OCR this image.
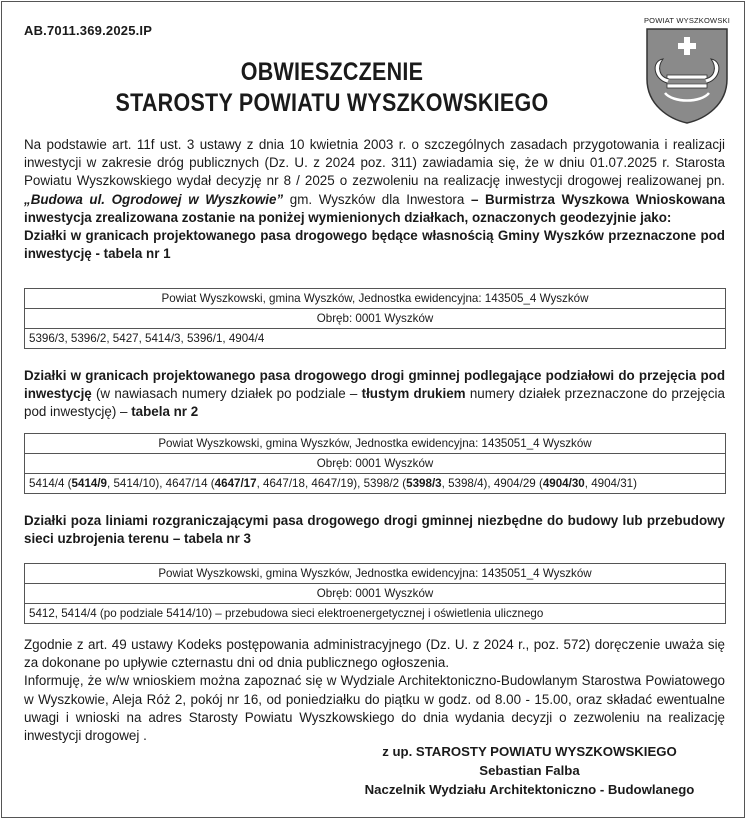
AB.7011.369.2025.IP
OBWIESZCZENIE
STAROSTY POWIATU WYSZKOWSKIEGO
POWIAT WYSZKOWSKI
Na podstawie art. 11f ust. 3 ustawy z dnia 10 kwietnia 2003 r. o szczególnych zasadach przygotowania i realizacji inwestycji w zakresie dróg publicznych (Dz. U. z 2024 poz. 311) zawiadamia się, że w dniu 01.07.2025 r. Starosta Powiatu Wyszkowskiego wydał decyzję nr 8 / 2025 o zezwoleniu na realizację inwestycji drogowej realizowanej pn. „Budowa ul. Ogrodowej w Wyszkowie” gm. Wyszków dla Inwestora – Burmistrza Wyszkowa Wnioskowana inwestycja zrealizowana zostanie na poniżej wymienionych działkach, oznaczonych geodezyjnie jako:
Działki w granicach projektowanego pasa drogowego będące własnością Gminy Wyszków przeznaczone pod inwestycję - tabela nr 1
Powiat Wyszkowski, gmina Wyszków, Jednostka ewidencyjna: 143505_4 Wyszków
Obręb: 0001 Wyszków
5396/3, 5396/2, 5427, 5414/3, 5396/1, 4904/4
Działki w granicach projektowanego pasa drogowego drogi gminnej podlegające podziałowi do przejęcia pod inwestycję (w nawiasach numery działek po podziale – tłustym drukiem numery działek przeznaczone do przejęcia pod inwestycję) – tabela nr 2
Powiat Wyszkowski, gmina Wyszków, Jednostka ewidencyjna: 1435051_4 Wyszków
Obręb: 0001 Wyszków
5414/4 (5414/9, 5414/10), 4647/14 (4647/17, 4647/18, 4647/19), 5398/2 (5398/3, 5398/4), 4904/29 (4904/30, 4904/31)
Działki poza liniami rozgraniczającymi pasa drogowego drogi gminnej niezbędne do budowy lub przebudowy sieci uzbrojenia terenu – tabela nr 3
Powiat Wyszkowski, gmina Wyszków, Jednostka ewidencyjna: 1435051_4 Wyszków
Obręb: 0001 Wyszków
5412, 5414/4 (po podziale 5414/10) – przebudowa sieci elektroenergetycznej i oświetlenia ulicznego
Zgodnie z art. 49 ustawy Kodeks postępowania administracyjnego (Dz. U. z 2024 r., poz. 572) doręczenie uważa się za dokonane po upływie czternastu dni od dnia publicznego ogłoszenia.
Informuję, że w/w wnioskiem można zapoznać się w Wydziale Architektoniczno-Budowlanym Starostwa Powiatowego w Wyszkowie, Aleja Róż 2, pokój nr 16, od poniedziałku do piątku w godz. od 8.00 - 15.00, oraz składać ewentualne uwagi i wnioski na adres Starosty Powiatu Wyszkowskiego do dnia wydania decyzji o zezwoleniu na realizację inwestycji drogowej .
z up. STAROSTY POWIATU WYSZKOWSKIEGO
Sebastian Falba
Naczelnik Wydziału Architektoniczno - Budowlanego
